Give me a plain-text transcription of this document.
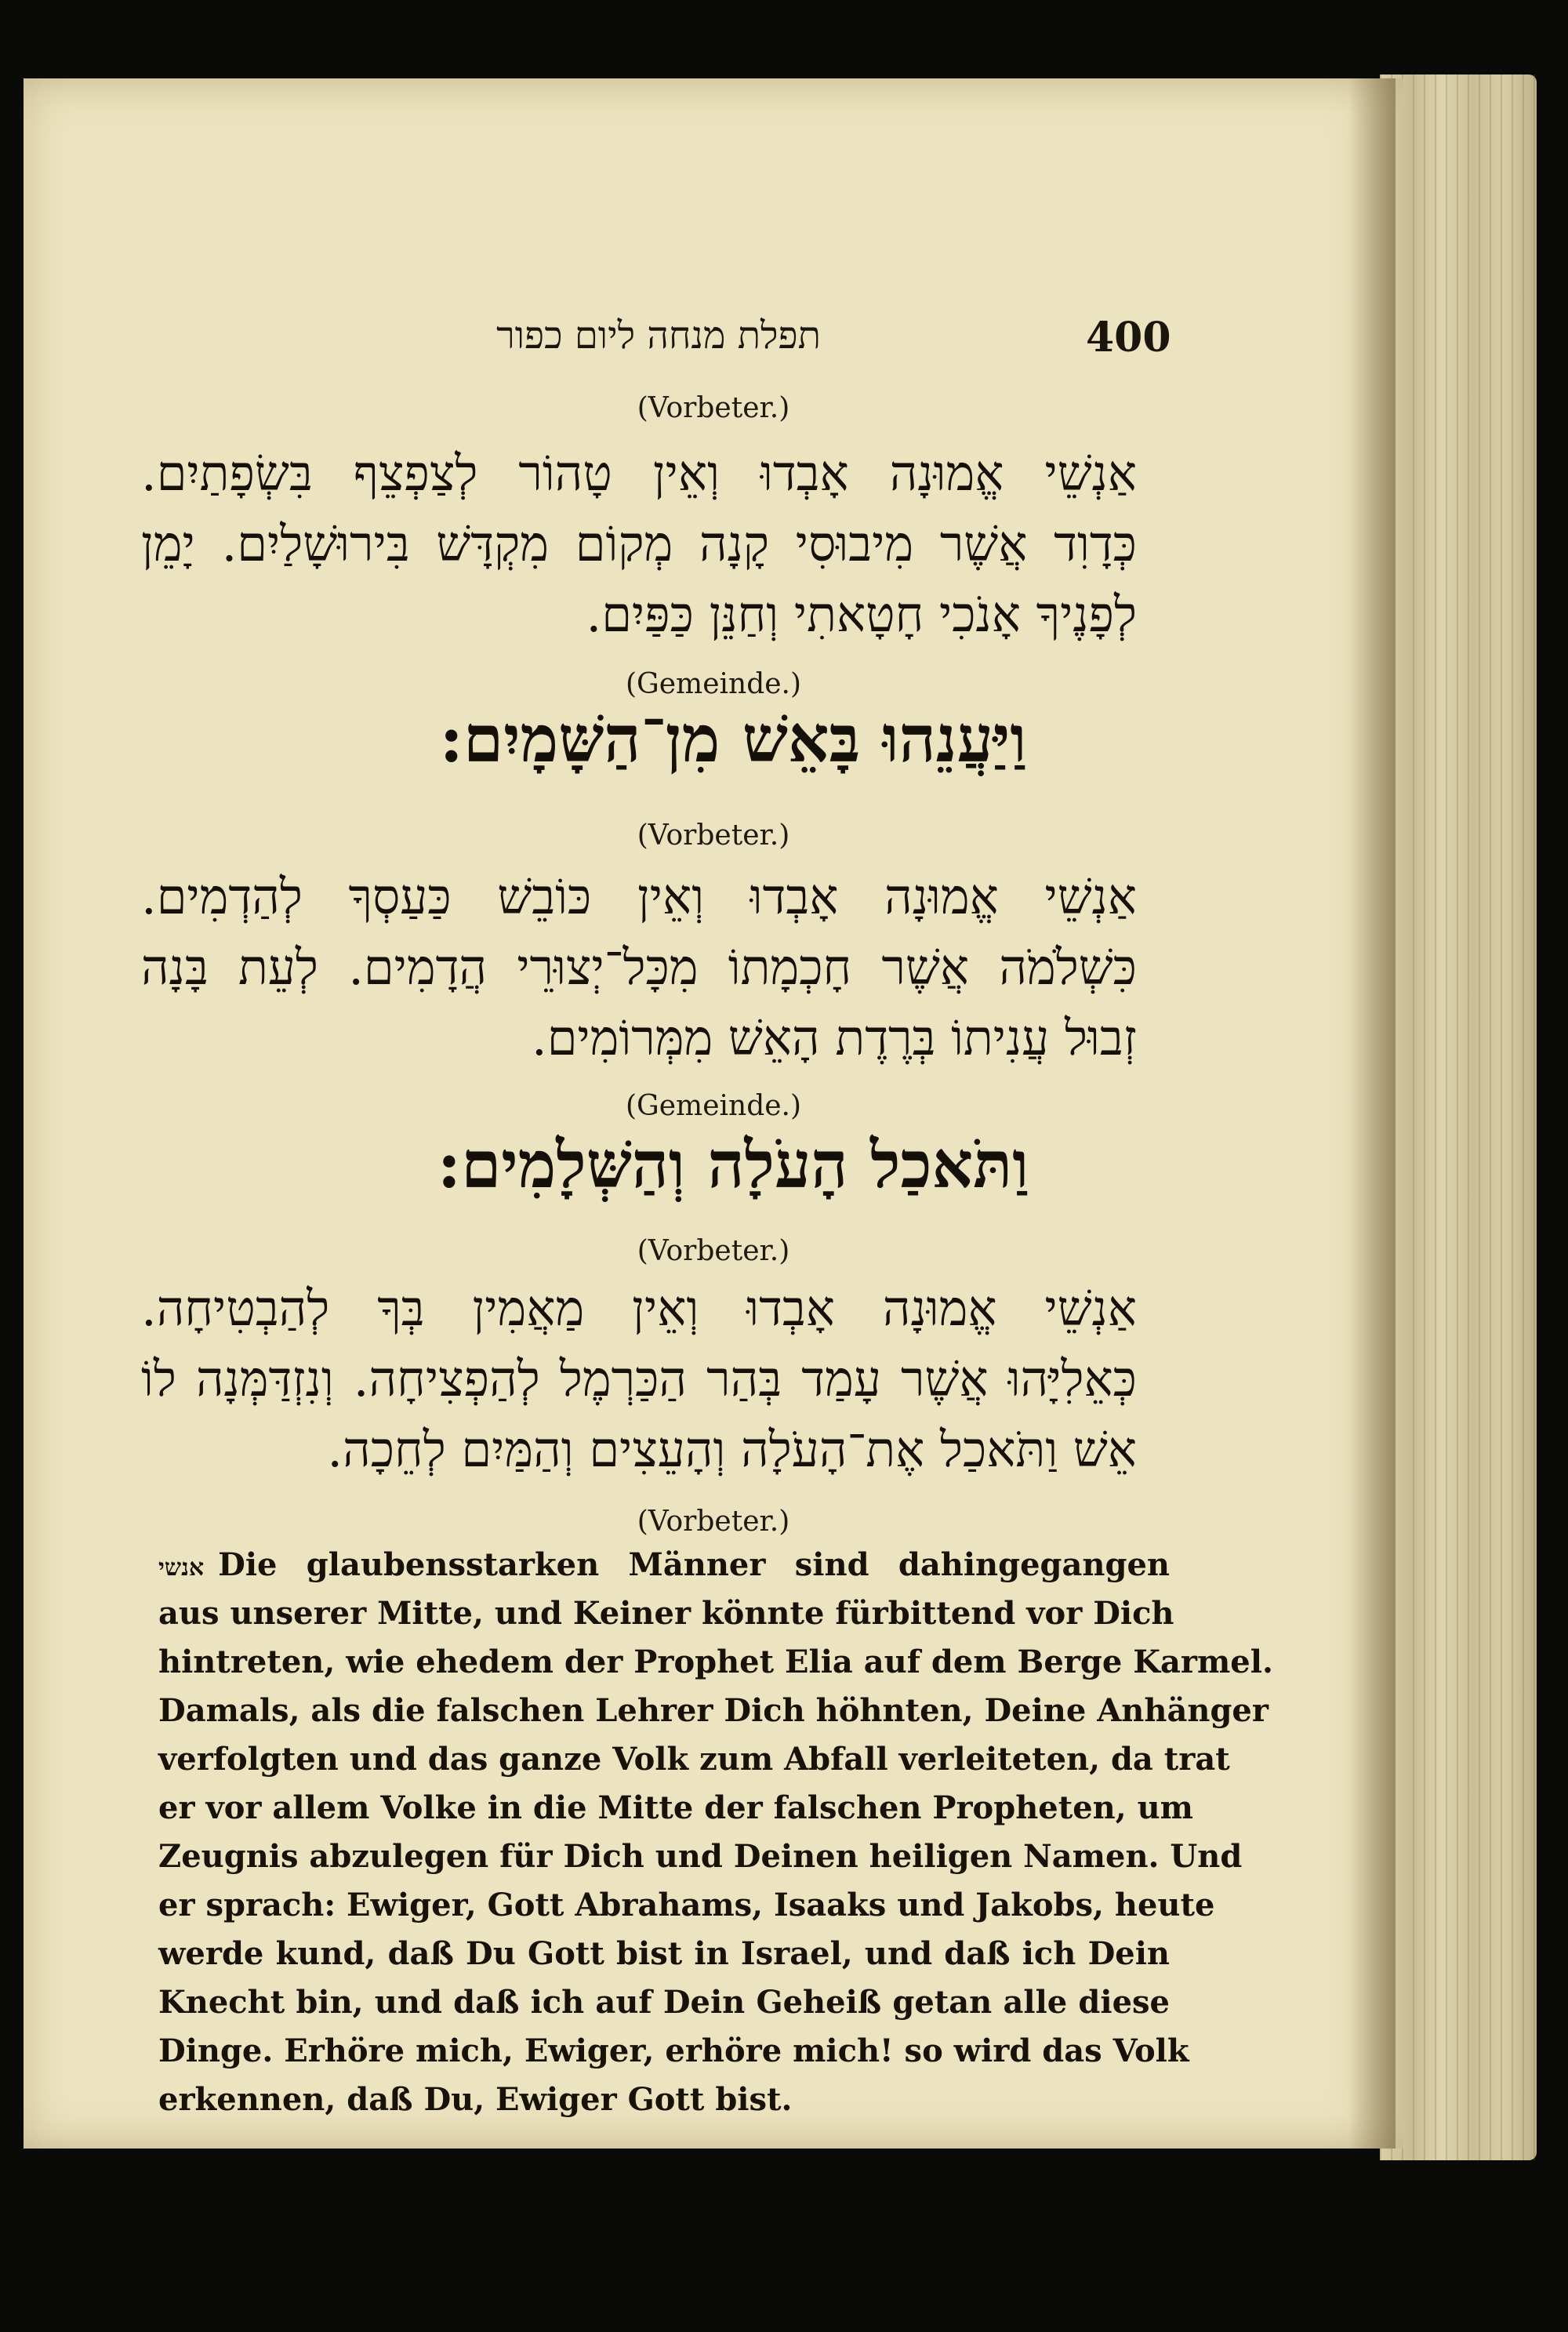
תפלת מנחה ליום כפור	400
(Vorbeter.)
אַנְשֵׁי אֱמוּנָה אָבְדוּ וְאֵין טָהוֹר לְצַפְצֵף בִּשְׂפָתַיִם.
כְּדָוִד אֲשֶׁר מִיבוּסִי קָנָה מְקוֹם מִקְדָּשׁ בִּירוּשָׁלַיִם. יָמֵן
לְפָנֶיךָ אָנֹכִי חָטָאתִי וְחַנֵּן כַּפַּיִם.
(Gemeinde.)
וַיַּעֲנֵהוּ בָּאֵשׁ מִן־הַשָּׁמָיִם:
(Vorbeter.)
אַנְשֵׁי אֱמוּנָה אָבְדוּ וְאֵין כּוֹבֵשׁ כַּעַסְךָ לְהַדְמִים.
כִּשְׁלֹמֹה אֲשֶׁר חָכְמָתוֹ מִכָּל־יְצוּרֵי הֲדָמִים. לְעֵת בָּנָה
זְבוּל עֲנִיתוֹ בְּרֶדֶת הָאֵשׁ מִמְּרוֹמִים.
(Gemeinde.)
וַתֹּאכַל הָעֹלָה וְהַשְּׁלָמִים:
(Vorbeter.)
אַנְשֵׁי אֱמוּנָה אָבְדוּ וְאֵין מַאֲמִין בְּךָ לְהַבְטִיחָה.
כְּאֵלִיָּהוּ אֲשֶׁר עָמַד בְּהַר הַכַּרְמֶל לְהַפְצִיחָה. וְנִזְדַּמְּנָה לוֹ
אֵשׁ וַתֹּאכַל אֶת־הָעֹלָה וְהָעֵצִים וְהַמַּיִם לְחֵכָה.
(Vorbeter.)
אנשי Die glaubensstarken Männer sind dahingegangen
aus unserer Mitte, und Keiner könnte fürbittend vor Dich
hintreten, wie ehedem der Prophet Elia auf dem Berge Karmel.
Damals, als die falschen Lehrer Dich höhnten, Deine Anhänger
verfolgten und das ganze Volk zum Abfall verleiteten, da trat
er vor allem Volke in die Mitte der falschen Propheten, um
Zeugnis abzulegen für Dich und Deinen heiligen Namen. Und
er sprach: Ewiger, Gott Abrahams, Isaaks und Jakobs, heute
werde kund, daß Du Gott bist in Israel, und daß ich Dein
Knecht bin, und daß ich auf Dein Geheiß getan alle diese
Dinge. Erhöre mich, Ewiger, erhöre mich! so wird das Volk
erkennen, daß Du, Ewiger Gott bist.
